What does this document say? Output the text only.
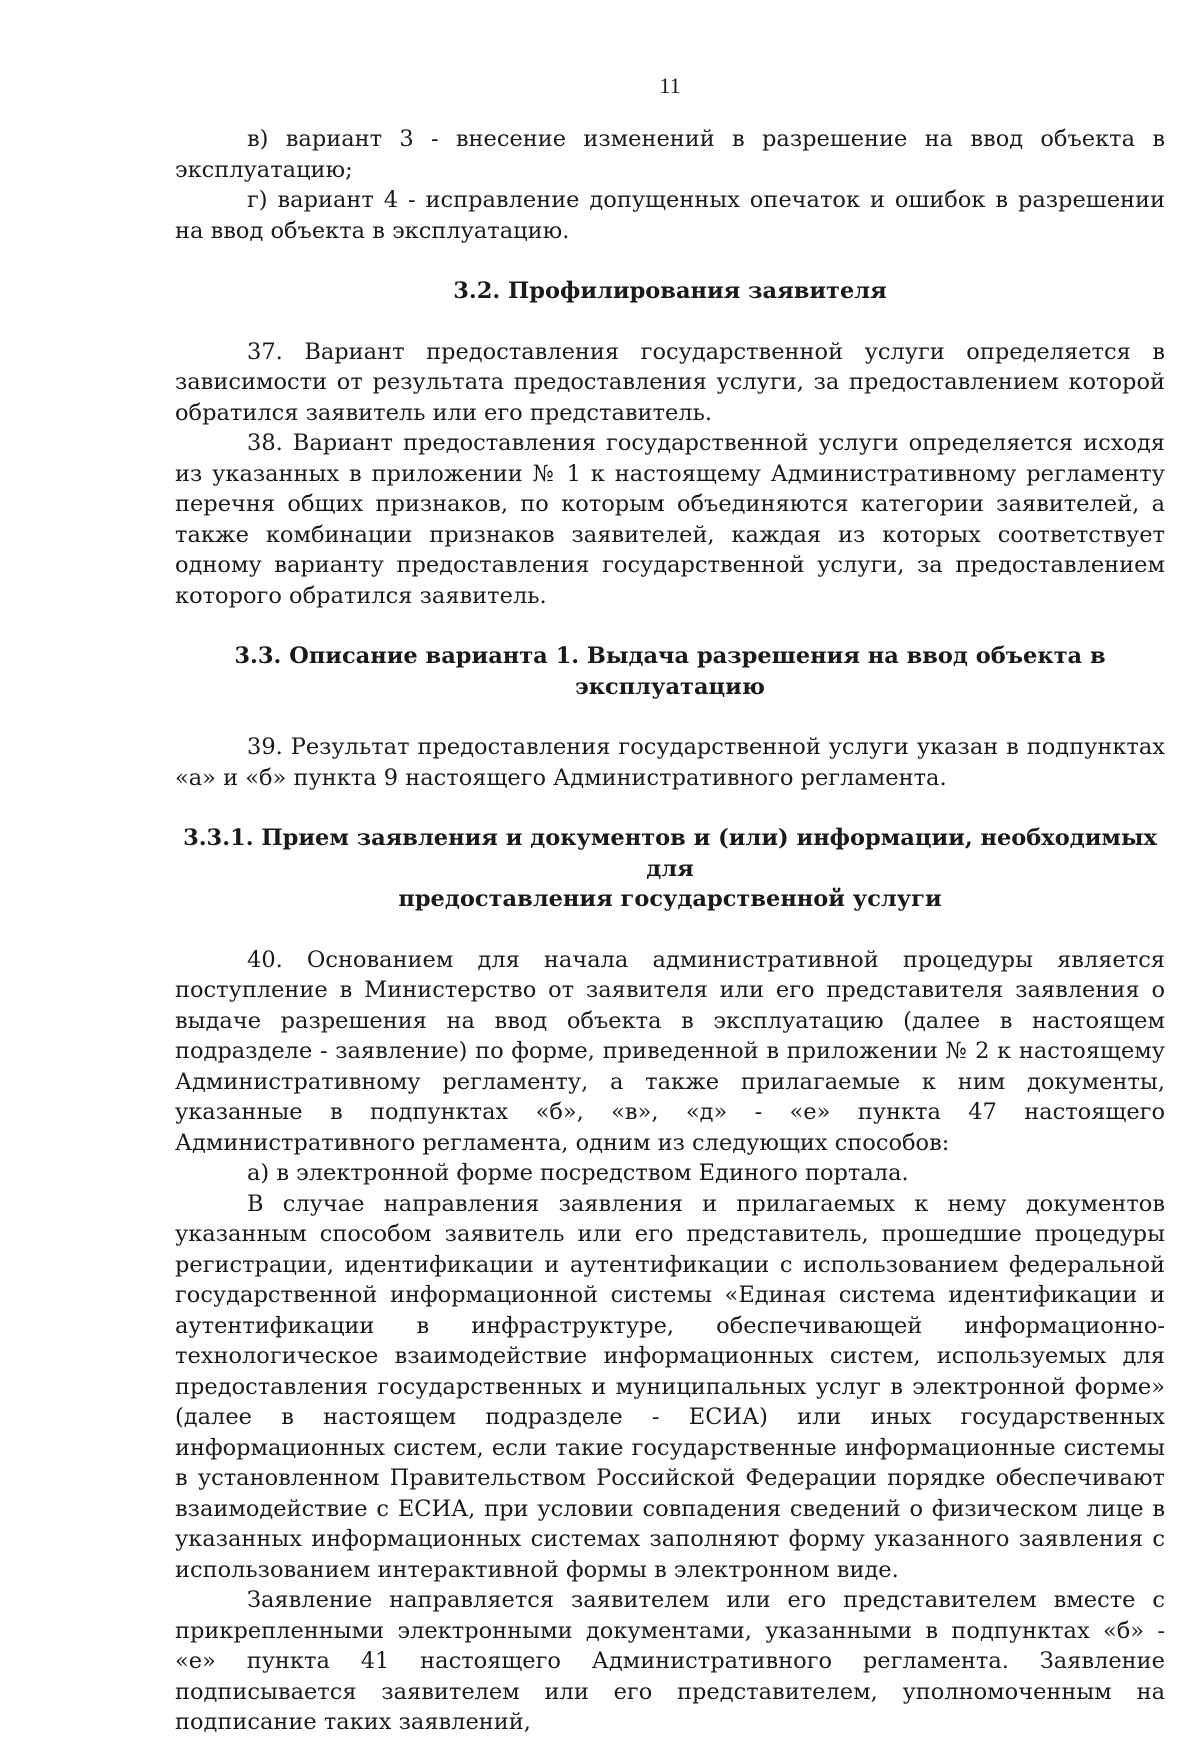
11

в) вариант 3 - внесение изменений в разрешение на ввод объекта в эксплуатацию;

г) вариант 4 - исправление допущенных опечаток и ошибок в разрешении на ввод объекта в эксплуатацию.

3.2. Профилирования заявителя

37. Вариант предоставления государственной услуги определяется в зависимости от результата предоставления услуги, за предоставлением которой обратился заявитель или его представитель.

38. Вариант предоставления государственной услуги определяется исходя из указанных в приложении № 1 к настоящему Административному регламенту перечня общих признаков, по которым объединяются категории заявителей, а также комбинации признаков заявителей, каждая из которых соответствует одному варианту предоставления государственной услуги, за предоставлением которого обратился заявитель.

3.3. Описание варианта 1. Выдача разрешения на ввод объекта в эксплуатацию

39. Результат предоставления государственной услуги указан в подпунктах «а» и «б» пункта 9 настоящего Административного регламента.

3.3.1. Прием заявления и документов и (или) информации, необходимых для
предоставления государственной услуги

40. Основанием для начала административной процедуры является поступление в Министерство от заявителя или его представителя заявления о выдаче разрешения на ввод объекта в эксплуатацию (далее в настоящем подразделе - заявление) по форме, приведенной в приложении № 2 к настоящему Административному регламенту, а также прилагаемые к ним документы, указанные в подпунктах «б», «в», «д» - «е» пункта 47 настоящего Административного регламента, одним из следующих способов:

а) в электронной форме посредством Единого портала.

В случае направления заявления и прилагаемых к нему документов указанным способом заявитель или его представитель, прошедшие процедуры регистрации, идентификации и аутентификации с использованием федеральной государственной информационной системы «Единая система идентификации и аутентификации в инфраструктуре, обеспечивающей информационно-технологическое взаимодействие информационных систем, используемых для предоставления государственных и муниципальных услуг в электронной форме» (далее в настоящем подразделе - ЕСИА) или иных государственных информационных систем, если такие государственные информационные системы в установленном Правительством Российской Федерации порядке обеспечивают взаимодействие с ЕСИА, при условии совпадения сведений о физическом лице в указанных информационных системах заполняют форму указанного заявления с использованием интерактивной формы в электронном виде.

Заявление направляется заявителем или его представителем вместе с прикрепленными электронными документами, указанными в подпунктах «б» - «е» пункта 41 настоящего Административного регламента. Заявление подписывается заявителем или его представителем, уполномоченным на подписание таких заявлений,
